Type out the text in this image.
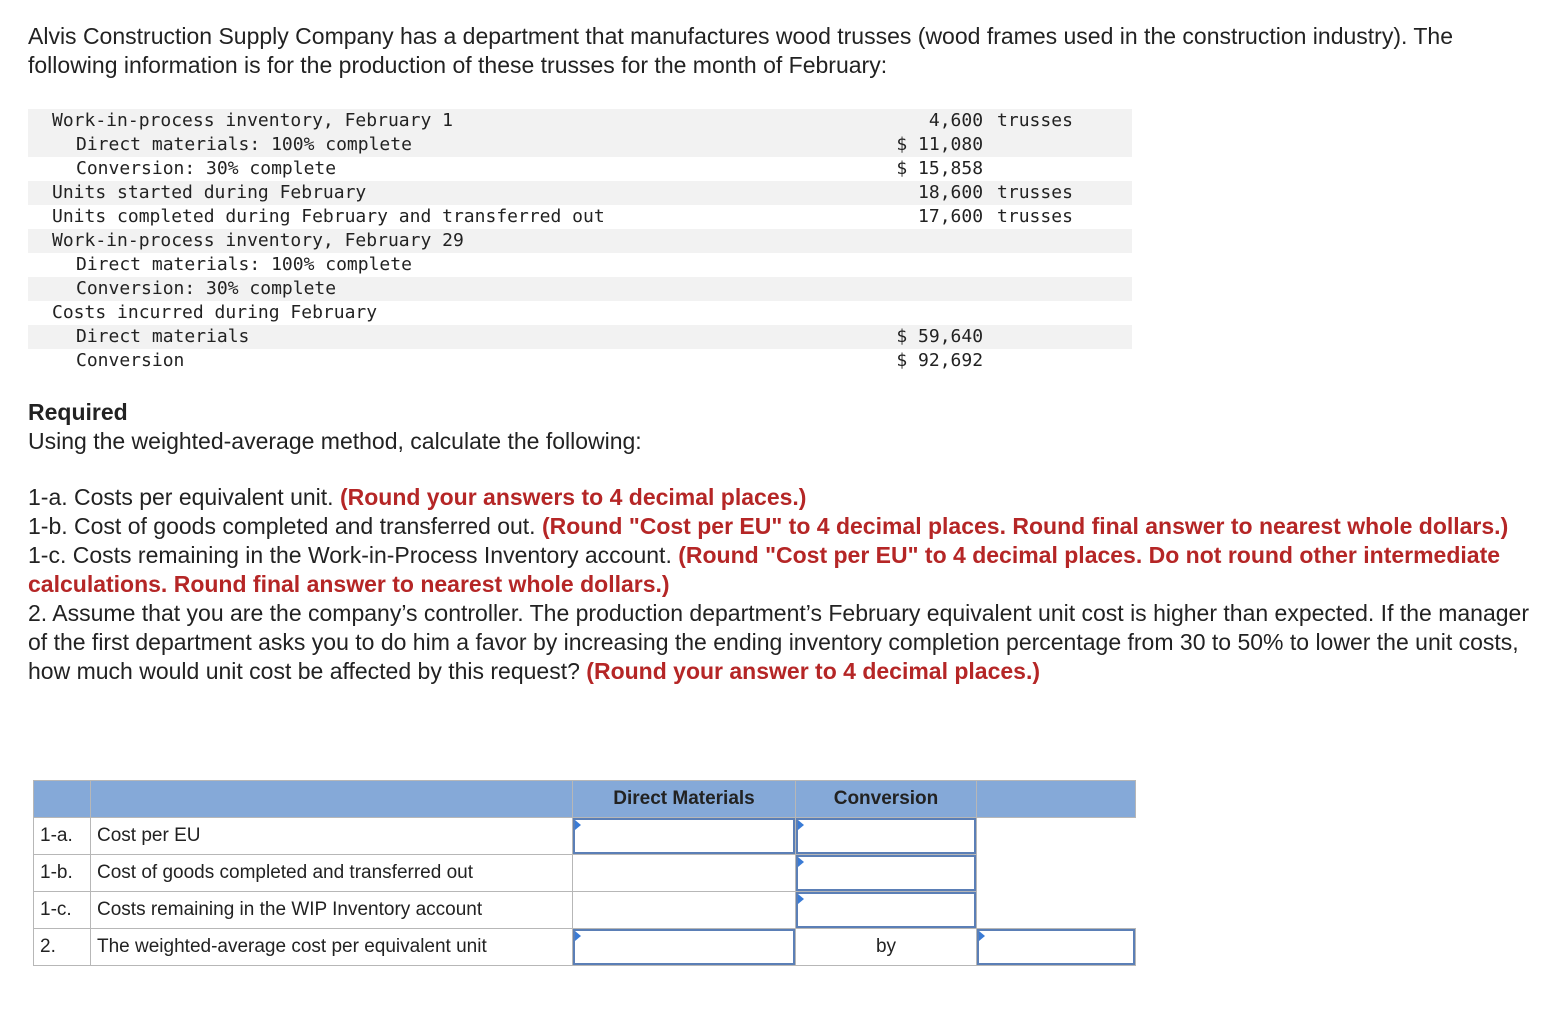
Alvis Construction Supply Company has a department that manufactures wood trusses (wood frames used in the construction industry). The following information is for the production of these trusses for the month of February:

Work-in-process inventory, February 1	4,600	trusses
Direct materials: 100% complete	$ 11,080	
Conversion: 30% complete	$ 15,858	
Units started during February	18,600	trusses
Units completed during February and transferred out	17,600	trusses
Work-in-process inventory, February 29		
Direct materials: 100% complete		
Conversion: 30% complete		
Costs incurred during February		
Direct materials	$ 59,640	
Conversion	$ 92,692	

Required

Using the weighted-average method, calculate the following:

1-a. Costs per equivalent unit. (Round your answers to 4 decimal places.)

1-b. Cost of goods completed and transferred out. (Round "Cost per EU" to 4 decimal places. Round final answer to nearest whole dollars.)

1-c. Costs remaining in the Work-in-Process Inventory account. (Round "Cost per EU" to 4 decimal places. Do not round other intermediate calculations. Round final answer to nearest whole dollars.)

2. Assume that you are the company’s controller. The production department’s February equivalent unit cost is higher than expected. If the manager of the first department asks you to do him a favor by increasing the ending inventory completion percentage from 30 to 50% to lower the unit costs, how much would unit cost be affected by this request? (Round your answer to 4 decimal places.)

		Direct Materials	Conversion	
1-a.	Cost per EU	

1-b.	Cost of goods completed and transferred out		

1-c.	Costs remaining in the WIP Inventory account		

2.	The weighted-average cost per equivalent unit		by	
